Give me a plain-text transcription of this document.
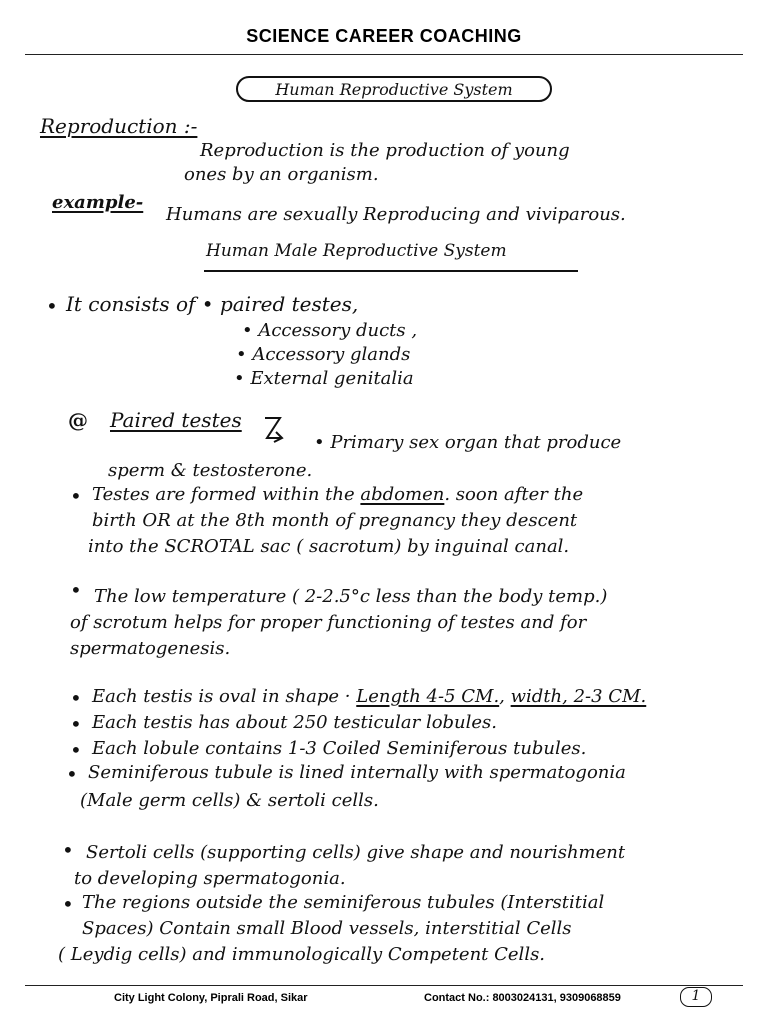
SCIENCE CAREER COACHING
Human Reproductive System
Reproduction :-
Reproduction is the production of young
ones by an organism.
example-
Humans are sexually Reproducing and viviparous.
Human Male Reproductive System
• It consists of • paired testes,
• Accessory ducts ,
• Accessory glands
• External genitalia
@ Paired testes
• Primary sex organ that produce
sperm & testosterone.
• Testes are formed within the abdomen. soon after the
birth OR at the 8th month of pregnancy they descent
into the SCROTAL sac ( sacrotum) by inguinal canal.
• The low temperature ( 2-2.5°c less than the body temp.)
of scrotum helps for proper functioning of testes and for
spermatogenesis.
• Each testis is oval in shape · Length 4-5 CM., width, 2-3 CM.
• Each testis has about 250 testicular lobules.
• Each lobule contains 1-3 Coiled Seminiferous tubules.
• Seminiferous tubule is lined internally with spermatogonia
(Male germ cells) & sertoli cells.
• Sertoli cells (supporting cells) give shape and nourishment
to developing spermatogonia.
• The regions outside the seminiferous tubules (Interstitial
Spaces) Contain small Blood vessels, interstitial Cells
( Leydig cells) and immunologically Competent Cells.
City Light Colony, Piprali Road, Sikar	Contact No.: 8003024131, 9309068859	1
